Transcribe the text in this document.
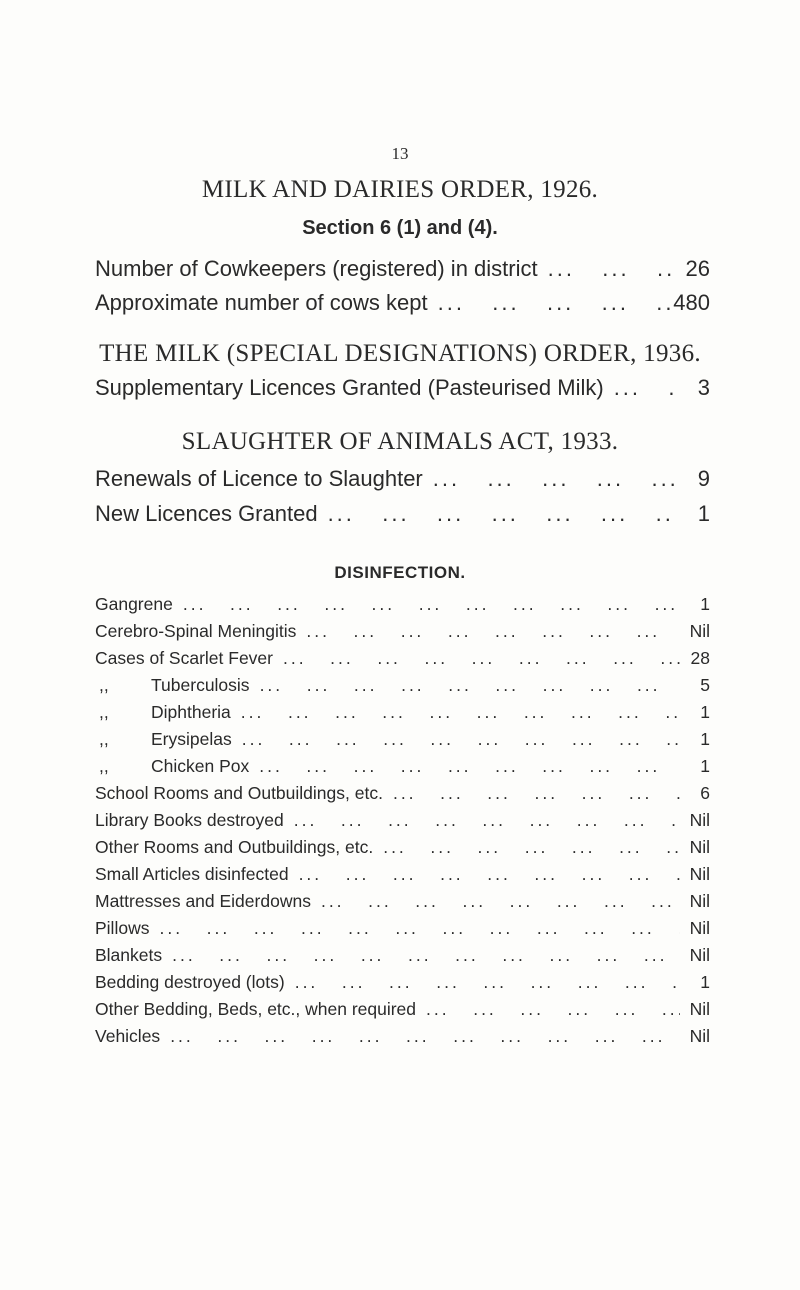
13
MILK AND DAIRIES ORDER, 1926.
Section 6 (1) and (4).
Number of Cowkeepers (registered) in district ...	26
Approximate number of cows kept ...	480
THE MILK (SPECIAL DESIGNATIONS) ORDER, 1936.
Supplementary Licences Granted (Pasteurised Milk) ...	3
SLAUGHTER OF ANIMALS ACT, 1933.
Renewals of Licence to Slaughter ...	9
New Licences Granted ...	1
DISINFECTION.
Gangrene ...	1
Cerebro-Spinal Meningitis ...	Nil
Cases of Scarlet Fever ...	28
,, Tuberculosis ...	5
,, Diphtheria ...	1
,, Erysipelas ...	1
,, Chicken Pox ...	1
School Rooms and Outbuildings, etc. ...	6
Library Books destroyed ...	Nil
Other Rooms and Outbuildings, etc. ...	Nil
Small Articles disinfected ...	Nil
Mattresses and Eiderdowns ...	Nil
Pillows ...	Nil
Blankets ...	Nil
Bedding destroyed (lots) ...	1
Other Bedding, Beds, etc., when required ...	Nil
Vehicles ...	Nil
